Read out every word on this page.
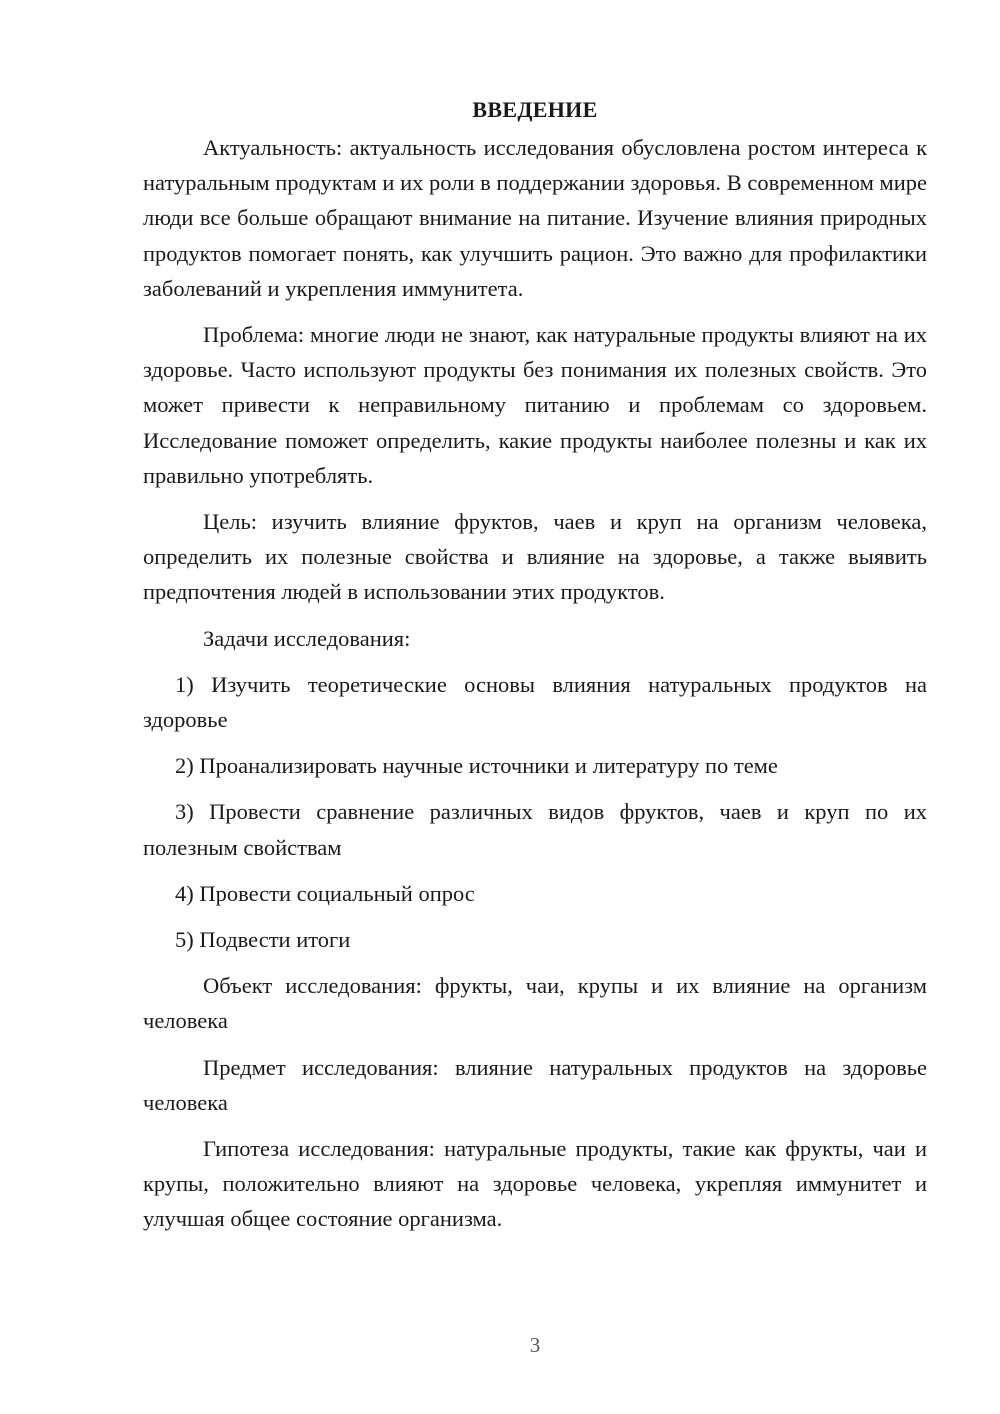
ВВЕДЕНИЕ

Актуальность: актуальность исследования обусловлена ростом интереса к натуральным продуктам и их роли в поддержании здоровья. В современном мире люди все больше обращают внимание на питание. Изучение влияния природных продуктов помогает понять, как улучшить рацион. Это важно для профилактики заболеваний и укрепления иммунитета.

Проблема: многие люди не знают, как натуральные продукты влияют на их здоровье. Часто используют продукты без понимания их полезных свойств. Это может привести к неправильному питанию и проблемам со здоровьем. Исследование поможет определить, какие продукты наиболее полезны и как их правильно употреблять.

Цель: изучить влияние фруктов, чаев и круп на организм человека, определить их полезные свойства и влияние на здоровье, а также выявить предпочтения людей в использовании этих продуктов.

Задачи исследования:

1) Изучить теоретические основы влияния натуральных продуктов на здоровье

2) Проанализировать научные источники и литературу по теме

3) Провести сравнение различных видов фруктов, чаев и круп по их полезным свойствам

4) Провести социальный опрос

5) Подвести итоги

Объект исследования: фрукты, чаи, крупы и их влияние на организм человека

Предмет исследования: влияние натуральных продуктов на здоровье человека

Гипотеза исследования: натуральные продукты, такие как фрукты, чаи и крупы, положительно влияют на здоровье человека, укрепляя иммунитет и улучшая общее состояние организма.

3
